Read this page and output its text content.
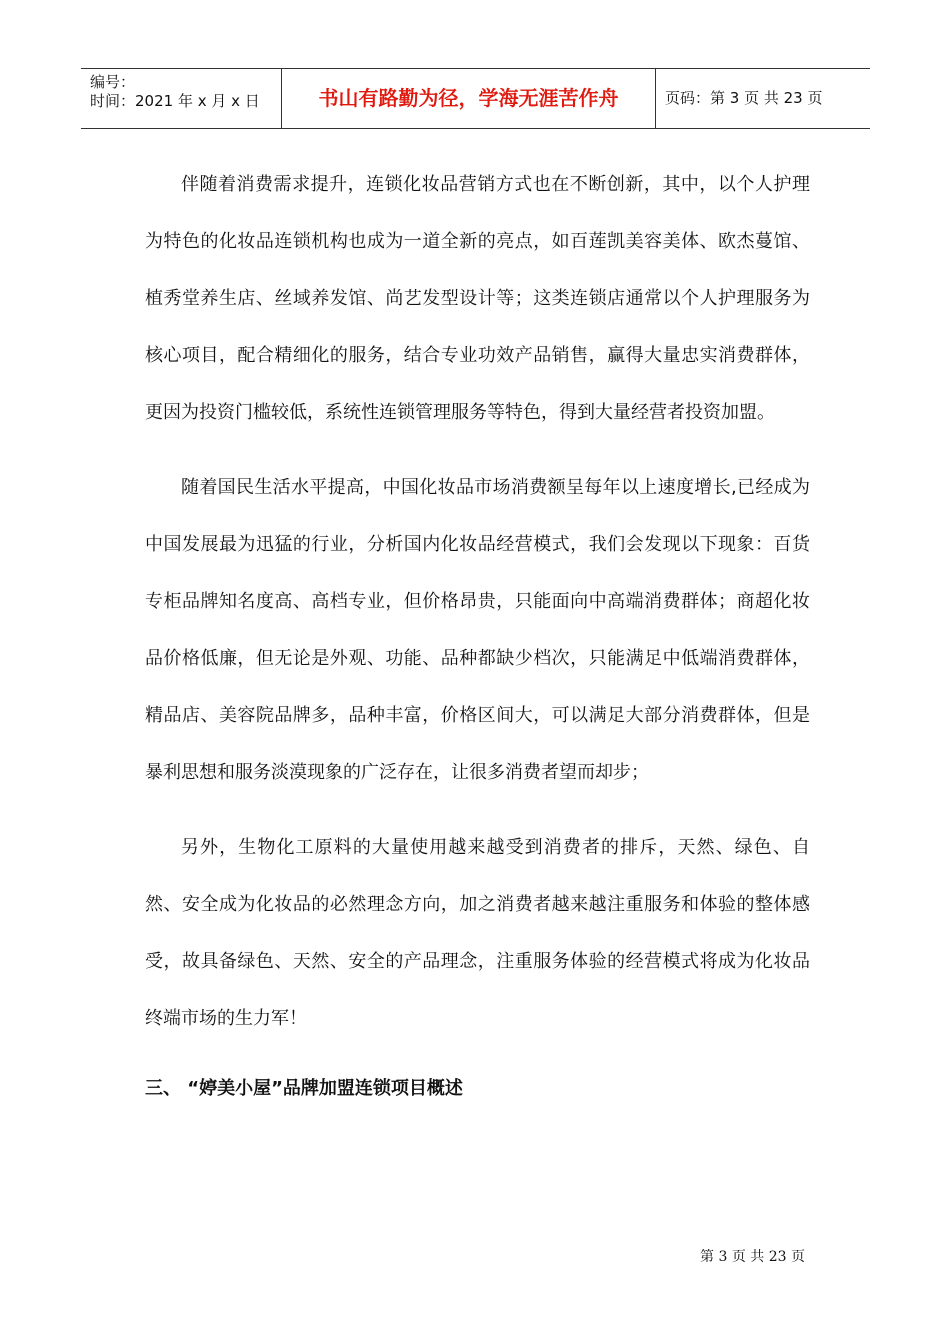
编号：
时间：2021 年 x 月 x 日	书山有路勤为径，学海无涯苦作舟	页码：第 3 页 共 23 页

伴随着消费需求提升，连锁化妆品营销方式也在不断创新，其中，以个人护理为特色的化妆品连锁机构也成为一道全新的亮点，如百莲凯美容美体、欧杰蔓馆、植秀堂养生店、丝域养发馆、尚艺发型设计等；这类连锁店通常以个人护理服务为核心项目，配合精细化的服务，结合专业功效产品销售，赢得大量忠实消费群体，更因为投资门槛较低，系统性连锁管理服务等特色，得到大量经营者投资加盟。

随着国民生活水平提高，中国化妆品市场消费额呈每年以上速度增长,已经成为中国发展最为迅猛的行业，分析国内化妆品经营模式，我们会发现以下现象：百货专柜品牌知名度高、高档专业，但价格昂贵，只能面向中高端消费群体；商超化妆品价格低廉，但无论是外观、功能、品种都缺少档次，只能满足中低端消费群体，精品店、美容院品牌多，品种丰富，价格区间大，可以满足大部分消费群体，但是暴利思想和服务淡漠现象的广泛存在，让很多消费者望而却步；

另外，生物化工原料的大量使用越来越受到消费者的排斥，天然、绿色、自然、安全成为化妆品的必然理念方向，加之消费者越来越注重服务和体验的整体感受，故具备绿色、天然、安全的产品理念，注重服务体验的经营模式将成为化妆品终端市场的生力军！

三、 “婷美小屋”品牌加盟连锁项目概述

第 3 页 共 23 页
